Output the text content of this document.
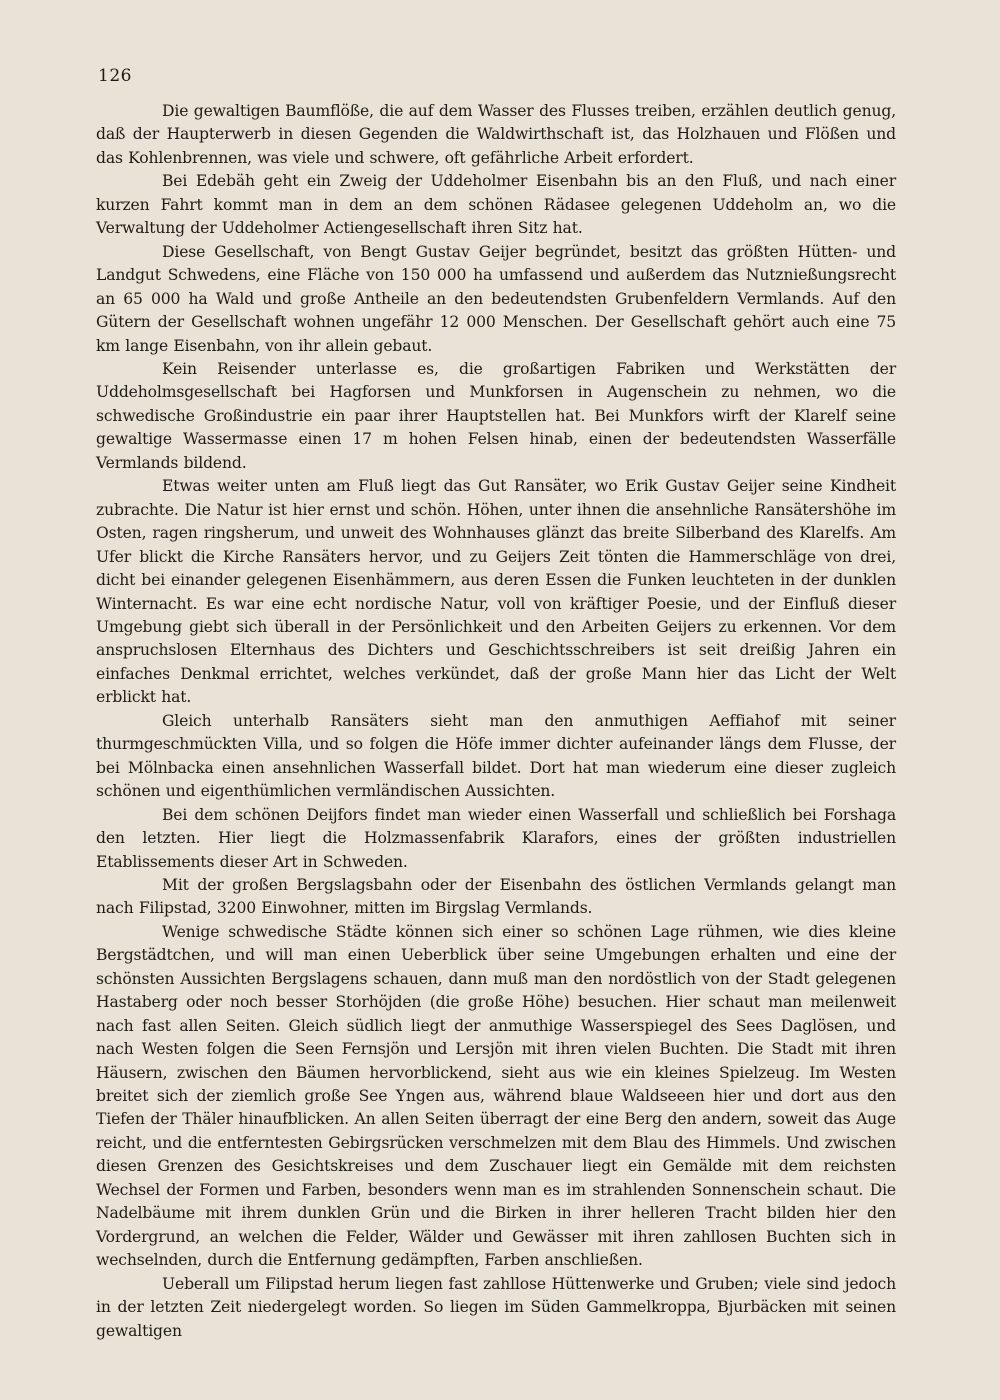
126

Die gewaltigen Baumflöße, die auf dem Wasser des Flusses treiben, erzählen deutlich genug, daß der Haupterwerb in diesen Gegenden die Waldwirthschaft ist, das Holzhauen und Flößen und das Kohlenbrennen, was viele und schwere, oft gefährliche Arbeit erfordert.

Bei Edebäh geht ein Zweig der Uddeholmer Eisenbahn bis an den Fluß, und nach einer kurzen Fahrt kommt man in dem an dem schönen Rädasee gelegenen Uddeholm an, wo die Verwaltung der Uddeholmer Actiengesellschaft ihren Sitz hat.

Diese Gesellschaft, von Bengt Gustav Geijer begründet, besitzt das größten Hütten- und Landgut Schwedens, eine Fläche von 150 000 ha umfassend und außerdem das Nutznießungsrecht an 65 000 ha Wald und große Antheile an den bedeutendsten Grubenfeldern Vermlands. Auf den Gütern der Gesellschaft wohnen ungefähr 12 000 Menschen. Der Gesellschaft gehört auch eine 75 km lange Eisenbahn, von ihr allein gebaut.

Kein Reisender unterlasse es, die großartigen Fabriken und Werkstätten der Uddeholmsgesellschaft bei Hagforsen und Munkforsen in Augenschein zu nehmen, wo die schwedische Großindustrie ein paar ihrer Hauptstellen hat. Bei Munkfors wirft der Klarelf seine gewaltige Wassermasse einen 17 m hohen Felsen hinab, einen der bedeutendsten Wasserfälle Vermlands bildend.

Etwas weiter unten am Fluß liegt das Gut Ransäter, wo Erik Gustav Geijer seine Kindheit zubrachte. Die Natur ist hier ernst und schön. Höhen, unter ihnen die ansehnliche Ransätershöhe im Osten, ragen ringsherum, und unweit des Wohnhauses glänzt das breite Silberband des Klarelfs. Am Ufer blickt die Kirche Ransäters hervor, und zu Geijers Zeit tönten die Hammerschläge von drei, dicht bei einander gelegenen Eisenhämmern, aus deren Essen die Funken leuchteten in der dunklen Winternacht. Es war eine echt nordische Natur, voll von kräftiger Poesie, und der Einfluß dieser Umgebung giebt sich überall in der Persönlichkeit und den Arbeiten Geijers zu erkennen. Vor dem anspruchslosen Elternhaus des Dichters und Geschichtsschreibers ist seit dreißig Jahren ein einfaches Denkmal errichtet, welches verkündet, daß der große Mann hier das Licht der Welt erblickt hat.

Gleich unterhalb Ransäters sieht man den anmuthigen Aeffiahof mit seiner thurmgeschmückten Villa, und so folgen die Höfe immer dichter aufeinander längs dem Flusse, der bei Mölnbacka einen ansehnlichen Wasserfall bildet. Dort hat man wiederum eine dieser zugleich schönen und eigenthümlichen vermländischen Aussichten.

Bei dem schönen Deijfors findet man wieder einen Wasserfall und schließlich bei Forshaga den letzten. Hier liegt die Holzmassenfabrik Klarafors, eines der größten industriellen Etablissements dieser Art in Schweden.

Mit der großen Bergslagsbahn oder der Eisenbahn des östlichen Vermlands gelangt man nach Filipstad, 3200 Einwohner, mitten im Birgslag Vermlands.

Wenige schwedische Städte können sich einer so schönen Lage rühmen, wie dies kleine Bergstädtchen, und will man einen Ueberblick über seine Umgebungen erhalten und eine der schönsten Aussichten Bergslagens schauen, dann muß man den nordöstlich von der Stadt gelegenen Hastaberg oder noch besser Storhöjden (die große Höhe) besuchen. Hier schaut man meilenweit nach fast allen Seiten. Gleich südlich liegt der anmuthige Wasserspiegel des Sees Daglösen, und nach Westen folgen die Seen Fernsjön und Lersjön mit ihren vielen Buchten. Die Stadt mit ihren Häusern, zwischen den Bäumen hervorblickend, sieht aus wie ein kleines Spielzeug. Im Westen breitet sich der ziemlich große See Yngen aus, während blaue Waldseeen hier und dort aus den Tiefen der Thäler hinaufblicken. An allen Seiten überragt der eine Berg den andern, soweit das Auge reicht, und die entferntesten Gebirgsrücken verschmelzen mit dem Blau des Himmels. Und zwischen diesen Grenzen des Gesichtskreises und dem Zuschauer liegt ein Gemälde mit dem reichsten Wechsel der Formen und Farben, besonders wenn man es im strahlenden Sonnenschein schaut. Die Nadelbäume mit ihrem dunklen Grün und die Birken in ihrer helleren Tracht bilden hier den Vordergrund, an welchen die Felder, Wälder und Gewässer mit ihren zahllosen Buchten sich in wechselnden, durch die Entfernung gedämpften, Farben anschließen.

Ueberall um Filipstad herum liegen fast zahllose Hüttenwerke und Gruben; viele sind jedoch in der letzten Zeit niedergelegt worden. So liegen im Süden Gammelkroppa, Bjurbäcken mit seinen gewaltigen
